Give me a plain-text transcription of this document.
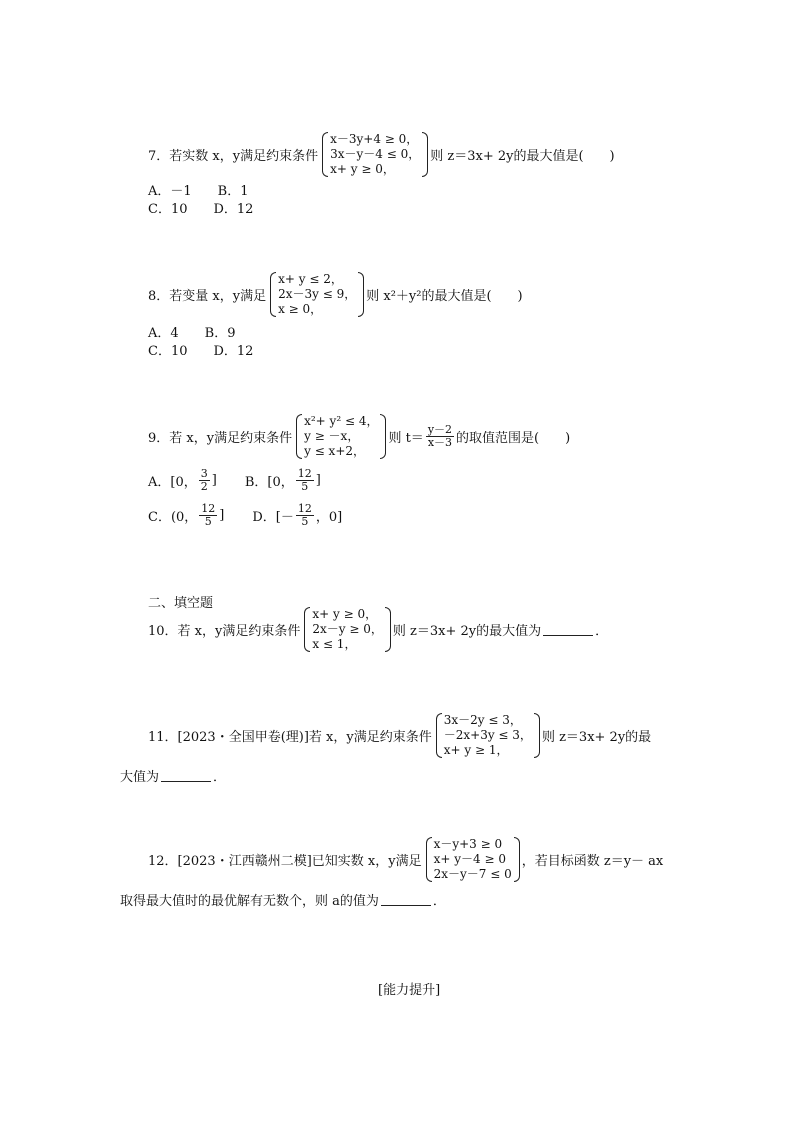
7．若实数 x，y满足约束条件
x－3y+4 ≥ 0，
3x－y－4 ≤ 0，
x+ y ≥ 0，
则 z＝3x+ 2y的最大值是(　　)
A．－1　　B．1
C．10　　D．12
8．若变量 x，y满足
x+ y ≤ 2，
2x－3y ≤ 9，
x ≥ 0，
则 x²＋y²的最大值是(　　)
A．4　　B．9
C．10　　D．12
9．若 x，y满足约束条件
x²+ y² ≤ 4，
y ≥ －x，
y ≤ x+2，
则 $t= \frac{y-2}{x-3}$ 的取值范围是(　　)
A．[0， $\frac{3}{2}$ ] B．[0， $\frac{12}{5}$ ]
C．(0， $\frac{12}{5}$ ] D．[－ $\frac{12}{5}$ ，0]
二、填空题
10．若 x，y满足约束条件
x+ y ≥ 0，
2x－y ≥ 0，
x ≤ 1，
则 z＝3x+ 2y的最大值为	．
11．[2023・全国甲卷(理)]若 x，y满足约束条件
3x－2y ≤ 3，
－2x+3y ≤ 3，
x+ y ≥ 1，
则 z＝3x+ 2y的最
大值为	．
12．[2023・江西赣州二模]已知实数 x，y满足
x－y+3 ≥ 0
x+ y－4 ≥ 0
2x－y－7 ≤ 0
，若目标函数 z＝y－ ax
取得最大值时的最优解有无数个，则 a的值为	．
[能力提升]
